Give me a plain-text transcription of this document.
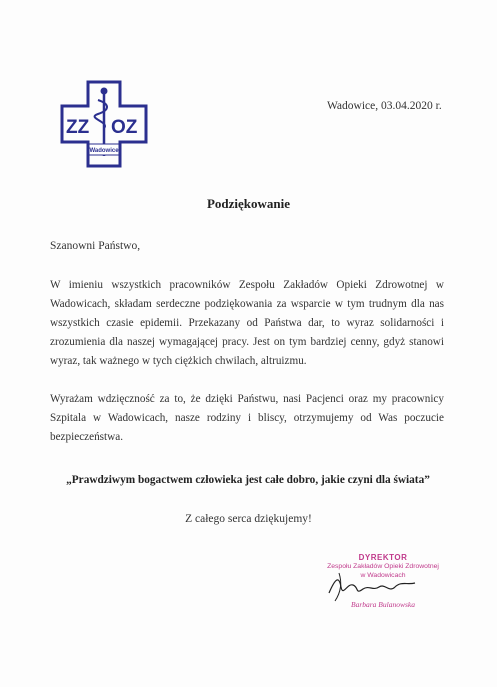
ZZ OZ
Wadowice
Wadowice, 03.04.2020 r.
Podziękowanie
Szanowni Państwo,
W imieniu wszystkich pracowników Zespołu Zakładów Opieki Zdrowotnej w Wadowicach, składam serdeczne podziękowania za wsparcie w tym trudnym dla nas wszystkich czasie epidemii. Przekazany od Państwa dar, to wyraz solidarności i zrozumienia dla naszej wymagającej pracy. Jest on tym bardziej cenny, gdyż stanowi wyraz, tak ważnego w tych ciężkich chwilach, altruizmu.
Wyrażam wdzięczność za to, że dzięki Państwu, nasi Pacjenci oraz my pracownicy Szpitala w Wadowicach, nasze rodziny i bliscy, otrzymujemy od Was poczucie bezpieczeństwa.
„Prawdziwym bogactwem człowieka jest całe dobro, jakie czyni dla świata”
Z całego serca dziękujemy!
DYREKTOR
Zespołu Zakładów Opieki Zdrowotnej
w Wadowicach
Barbara Bulanowska
